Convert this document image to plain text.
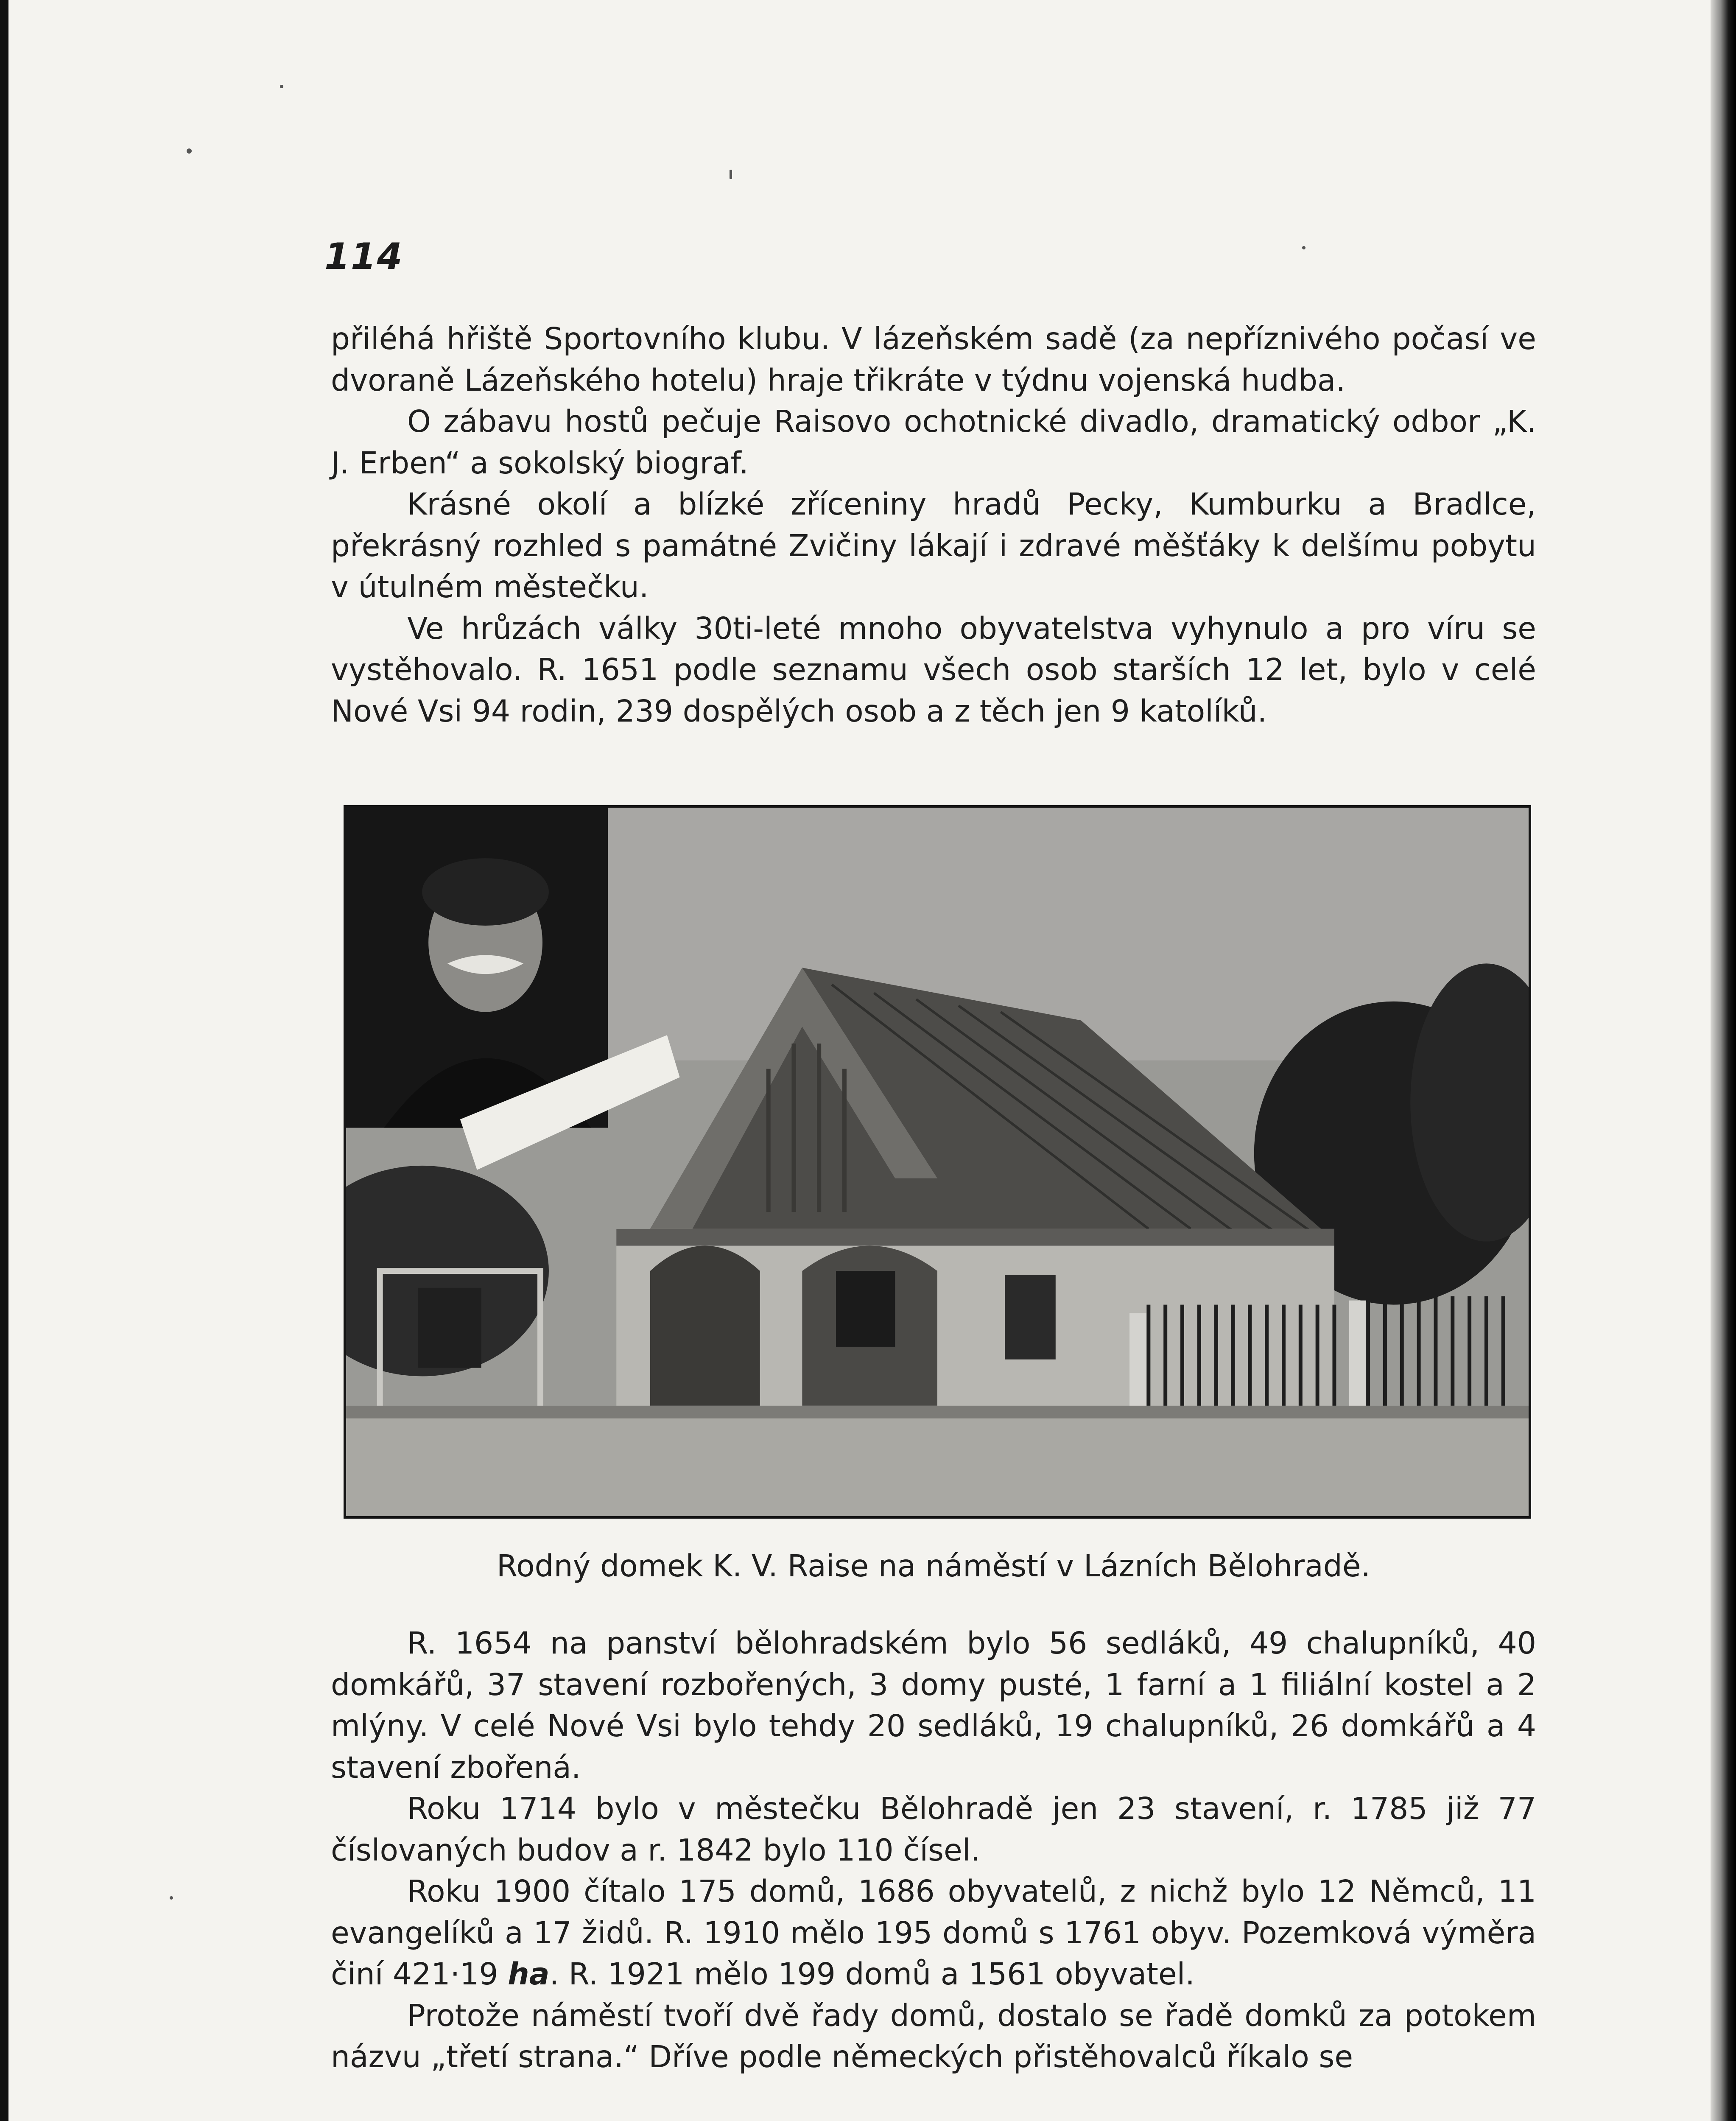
114

přiléhá hřiště Sportovního klubu. V lázeňském sadě (za nepříznivého počasí ve dvoraně Lázeňského hotelu) hraje třikráte v týdnu vojenská hudba.

O zábavu hostů pečuje Raisovo ochotnické divadlo, dramatický odbor „K. J. Erben“ a sokolský biograf.

Krásné okolí a blízké zříceniny hradů Pecky, Kumburku a Bradlce, překrásný rozhled s památné Zvičiny lákají i zdravé měšťáky k delšímu pobytu v útulném městečku.

Ve hrůzách války 30ti-leté mnoho obyvatelstva vyhynulo a pro víru se vystěhovalo. R. 1651 podle seznamu všech osob starších 12 let, bylo v celé Nové Vsi 94 rodin, 239 dospělých osob a z těch jen 9 katolíků.

Rodný domek K. V. Raise na náměstí v Lázních Bělohradě.

R. 1654 na panství bělohradském bylo 56 sedláků, 49 chalupníků, 40 domkářů, 37 stavení rozbořených, 3 domy pusté, 1 farní a 1 filiální kostel a 2 mlýny. V celé Nové Vsi bylo tehdy 20 sedláků, 19 chalupníků, 26 domkářů a 4 stavení zbořená.

Roku 1714 bylo v městečku Bělohradě jen 23 stavení, r. 1785 již 77 číslovaných budov a r. 1842 bylo 110 čísel.

Roku 1900 čítalo 175 domů, 1686 obyvatelů, z nichž bylo 12 Němců, 11 evangelíků a 17 židů. R. 1910 mělo 195 domů s 1761 obyv. Pozemková výměra činí 421·19 ha. R. 1921 mělo 199 domů a 1561 obyvatel.

Protože náměstí tvoří dvě řady domů, dostalo se řadě domků za potokem názvu „třetí strana.“ Dříve podle německých přistěhovalců říkalo se
